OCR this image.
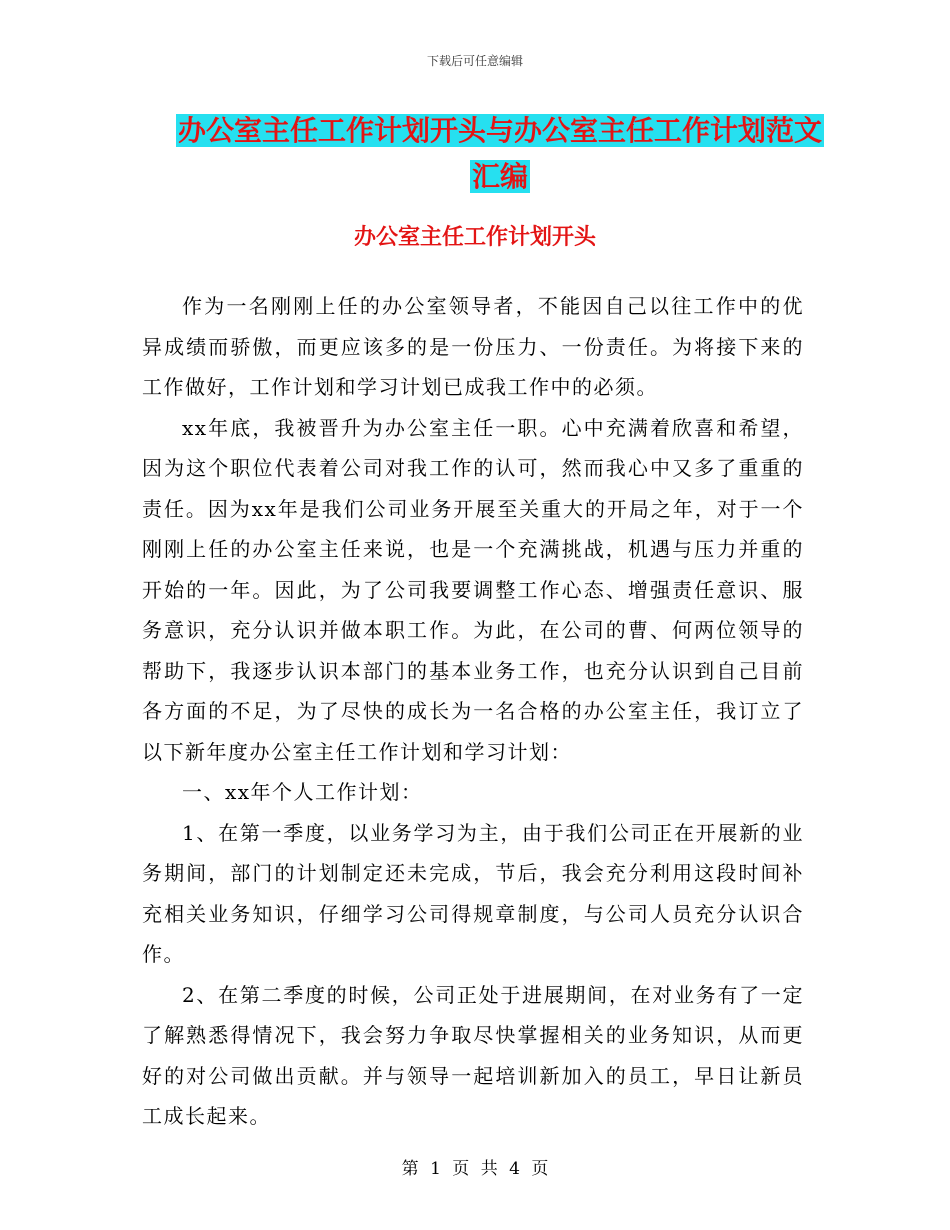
下载后可任意编辑
办公室主任工作计划开头与办公室主任工作计划范文
汇编
办公室主任工作计划开头

作为一名刚刚上任的办公室领导者，不能因自己以往工作中的优异成绩而骄傲，而更应该多的是一份压力、一份责任。为将接下来的工作做好，工作计划和学习计划已成我工作中的必须。

xx年底，我被晋升为办公室主任一职。心中充满着欣喜和希望，因为这个职位代表着公司对我工作的认可，然而我心中又多了重重的责任。因为xx年是我们公司业务开展至关重大的开局之年，对于一个刚刚上任的办公室主任来说，也是一个充满挑战，机遇与压力并重的开始的一年。因此，为了公司我要调整工作心态、增强责任意识、服务意识，充分认识并做本职工作。为此，在公司的曹、何两位领导的帮助下，我逐步认识本部门的基本业务工作，也充分认识到自己目前各方面的不足，为了尽快的成长为一名合格的办公室主任，我订立了以下新年度办公室主任工作计划和学习计划：

一、xx年个人工作计划：

1、在第一季度，以业务学习为主，由于我们公司正在开展新的业务期间，部门的计划制定还未完成，节后，我会充分利用这段时间补充相关业务知识，仔细学习公司得规章制度，与公司人员充分认识合作。

2、在第二季度的时候，公司正处于进展期间，在对业务有了一定了解熟悉得情况下，我会努力争取尽快掌握相关的业务知识，从而更好的对公司做出贡献。并与领导一起培训新加入的员工，早日让新员工成长起来。

第 1 页 共 4 页
